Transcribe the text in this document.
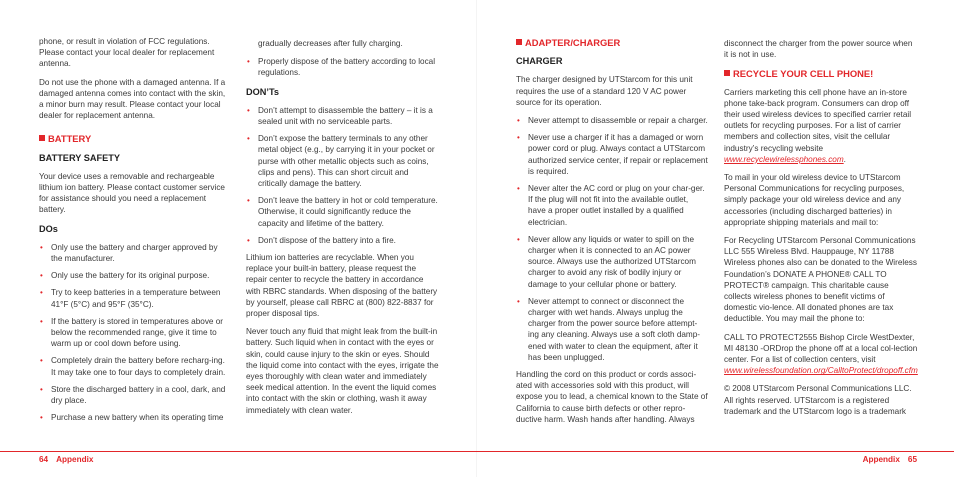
phone, or result in violation of FCC regulations. Please contact your local dealer for replacement antenna.

Do not use the phone with a damaged antenna. If a damaged antenna comes into contact with the skin, a minor burn may result. Please contact your local dealer for replacement antenna.

BATTERY
BATTERY SAFETY

Your device uses a removable and rechargeable lithium ion battery. Please contact customer service for assistance should you need a replacement battery.

DOs
• Only use the battery and charger approved by the manufacturer.
• Only use the battery for its original purpose.
• Try to keep batteries in a temperature between 41°F (5°C) and 95°F (35°C).
• If the battery is stored in temperatures above or below the recommended range, give it time to warm up or cool down before using.
• Completely drain the battery before recharg-ing. It may take one to four days to completely drain.
• Store the discharged battery in a cool, dark, and dry place.
• Purchase a new battery when its operating time

gradually decreases after fully charging.

• Properly dispose of the battery according to local regulations.
DON’Ts
• Don’t attempt to disassemble the battery – it is a sealed unit with no serviceable parts.
• Don’t expose the battery terminals to any other metal object (e.g., by carrying it in your pocket or purse with other metallic objects such as coins, clips and pens). This can short circuit and critically damage the battery.
• Don’t leave the battery in hot or cold temperature. Otherwise, it could significantly reduce the capacity and lifetime of the battery.
• Don’t dispose of the battery into a fire.

Lithium ion batteries are recyclable. When you replace your built-in battery, please request the repair center to recycle the battery in accordance with RBRC standards. When disposing of the battery by yourself, please call RBRC at (800) 822-8837 for proper disposal tips.

Never touch any fluid that might leak from the built-in battery. Such liquid when in contact with the eyes or skin, could cause injury to the skin or eyes. Should the liquid come into contact with the eyes, irrigate the eyes thoroughly with clean water and immediately seek medical attention. In the event the liquid comes into contact with the skin or clothing, wash it away immediately with clean water.

ADAPTER/CHARGER
CHARGER

The charger designed by UTStarcom for this unit requires the use of a standard 120 V AC power source for its operation.

• Never attempt to disassemble or repair a charger.
• Never use a charger if it has a damaged or worn power cord or plug. Always contact a UTStarcom authorized service center, if repair or replacement is required.
• Never alter the AC cord or plug on your char-ger. If the plug will not fit into the available outlet, have a proper outlet installed by a qualified electrician.
• Never allow any liquids or water to spill on the charger when it is connected to an AC power source. Always use the authorized UTStarcom charger to avoid any risk of bodily injury or damage to your cellular phone or battery.
• Never attempt to connect or disconnect the charger with wet hands. Always unplug the charger from the power source before attempt-ing any cleaning. Always use a soft cloth damp-ened with water to clean the equipment, after it has been unplugged.

Handling the cord on this product or cords associ-ated with accessories sold with this product, will expose you to lead, a chemical known to the State of California to cause birth defects or other repro-ductive harm. Wash hands after handling. Always

disconnect the charger from the power source when it is not in use.

RECYCLE YOUR CELL PHONE!

Carriers marketing this cell phone have an in-store phone take-back program. Consumers can drop off their used wireless devices to specified carrier retail outlets for recycling purposes. For a list of carrier members and collection sites, visit the cellular industry’s recycling website www.recyclewirelessphones.com.

To mail in your old wireless device to UTStarcom Personal Communications for recycling purposes, simply package your old wireless device and any accessories (including discharged batteries) in appropriate shipping materials and mail to:

For Recycling UTStarcom Personal Communications LLC 555 Wireless Blvd. Hauppauge, NY 11788 Wireless phones also can be donated to the Wireless Foundation’s DONATE A PHONE® CALL TO PROTECT® campaign. This charitable cause collects wireless phones to benefit victims of domestic vio-lence. All donated phones are tax deductible. You may mail the phone to:

CALL TO PROTECT2555 Bishop Circle WestDexter, MI 48130 -ORDrop the phone off at a local col-lection center. For a list of collection centers, visit www.wirelessfoundation.org/CalltoProtect/dropoff.cfm

© 2008 UTStarcom Personal Communications LLC. All rights reserved. UTStarcom is a registered trademark and the UTStarcom logo is a trademark

64 Appendix	Appendix 65
